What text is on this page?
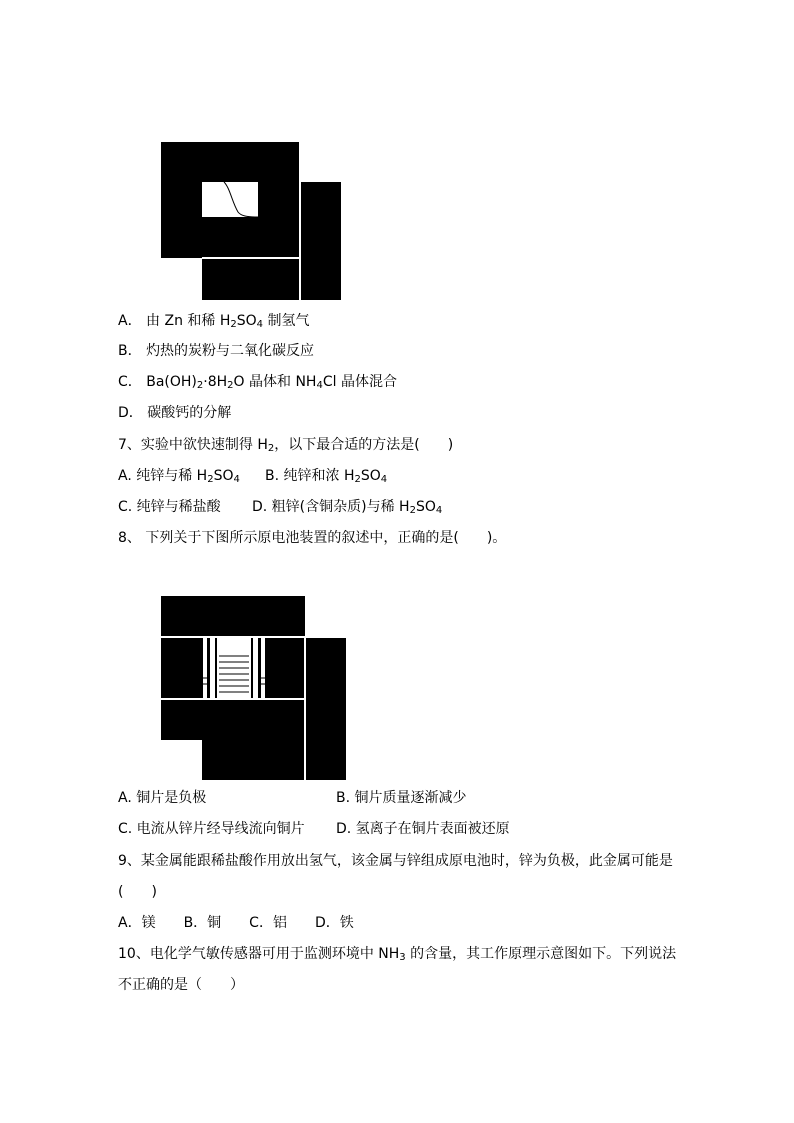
A． 由 Zn 和稀 $H_2SO_4$ 制氢气
B． 灼热的炭粉与二氧化碳反应
C． $Ba(OH)_2\cdot 8H_2O$ 晶体和 $NH_4Cl$ 晶体混合
D． 碳酸钙的分解
7、实验中欲快速制得 $H_2$，以下最合适的方法是(　　)
A. 纯锌与稀 $H_2SO_4$ B. 纯锌和浓 $H_2SO_4$
C. 纯锌与稀盐酸 D. 粗锌(含铜杂质)与稀 $H_2SO_4$
8、 下列关于下图所示原电池装置的叙述中，正确的是(　　)。
A. 铜片是负极	B. 铜片质量逐渐减少
C. 电流从锌片经导线流向铜片 D. 氢离子在铜片表面被还原
9、某金属能跟稀盐酸作用放出氢气，该金属与锌组成原电池时，锌为负极，此金属可能是
(　　)
A．镁　　B．铜　　C．铝　　D．铁
10、电化学气敏传感器可用于监测环境中 $NH_3$ 的含量，其工作原理示意图如下。下列说法
不正确的是（　　）
